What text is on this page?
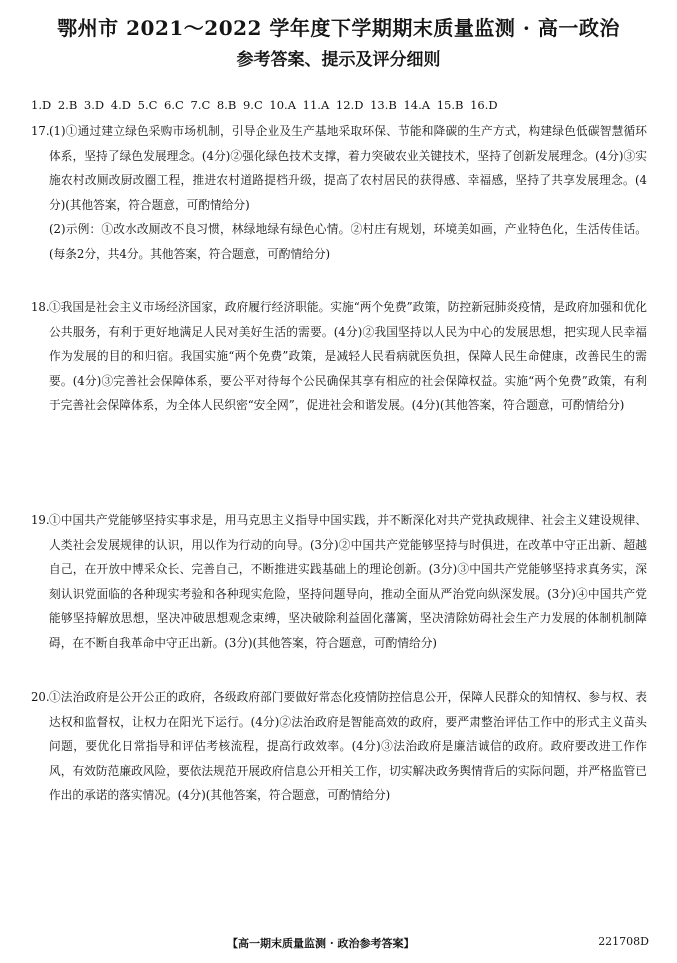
鄂州市 2021～2022 学年度下学期期末质量监测 · 高一政治
参考答案、提示及评分细则
1.D 2.B 3.D 4.D 5.C 6.C 7.C 8.B 9.C 10.A 11.A 12.D 13.B 14.A 15.B 16.D
17. (1)①通过建立绿色采购市场机制，引导企业及生产基地采取环保、节能和降碳的生产方式，构建绿色低碳智慧循环体系，坚持了绿色发展理念。(4分)②强化绿色技术支撑，着力突破农业关键技术，坚持了创新发展理念。(4分)③实施农村改厕改厨改圈工程，推进农村道路提档升级，提高了农村居民的获得感、幸福感，坚持了共享发展理念。(4分)(其他答案，符合题意，可酌情给分)

(2)示例：①改水改厕改不良习惯，林绿地绿有绿色心情。②村庄有规划，环境美如画，产业特色化，生活传佳话。(每条2分，共4分。其他答案，符合题意，可酌情给分)

18. ①我国是社会主义市场经济国家，政府履行经济职能。实施“两个免费”政策，防控新冠肺炎疫情，是政府加强和优化公共服务，有利于更好地满足人民对美好生活的需要。(4分)②我国坚持以人民为中心的发展思想，把实现人民幸福作为发展的目的和归宿。我国实施“两个免费”政策，是减轻人民看病就医负担，保障人民生命健康，改善民生的需要。(4分)③完善社会保障体系，要公平对待每个公民确保其享有相应的社会保障权益。实施“两个免费”政策，有利于完善社会保障体系，为全体人民织密“安全网”，促进社会和谐发展。(4分)(其他答案，符合题意，可酌情给分)

19. ①中国共产党能够坚持实事求是，用马克思主义指导中国实践，并不断深化对共产党执政规律、社会主义建设规律、人类社会发展规律的认识，用以作为行动的向导。(3分)②中国共产党能够坚持与时俱进，在改革中守正出新、超越自己，在开放中博采众长、完善自己，不断推进实践基础上的理论创新。(3分)③中国共产党能够坚持求真务实，深刻认识党面临的各种现实考验和各种现实危险，坚持问题导向，推动全面从严治党向纵深发展。(3分)④中国共产党能够坚持解放思想，坚决冲破思想观念束缚，坚决破除利益固化藩篱，坚决清除妨碍社会生产力发展的体制机制障碍，在不断自我革命中守正出新。(3分)(其他答案，符合题意，可酌情给分)

20. ①法治政府是公开公正的政府，各级政府部门要做好常态化疫情防控信息公开，保障人民群众的知情权、参与权、表达权和监督权，让权力在阳光下运行。(4分)②法治政府是智能高效的政府，要严肃整治评估工作中的形式主义苗头问题，要优化日常指导和评估考核流程，提高行政效率。(4分)③法治政府是廉洁诚信的政府。政府要改进工作作风，有效防范廉政风险，要依法规范开展政府信息公开相关工作，切实解决政务舆情背后的实际问题，并严格监管已作出的承诺的落实情况。(4分)(其他答案，符合题意，可酌情给分)

【高一期末质量监测 · 政治参考答案】	221708D
